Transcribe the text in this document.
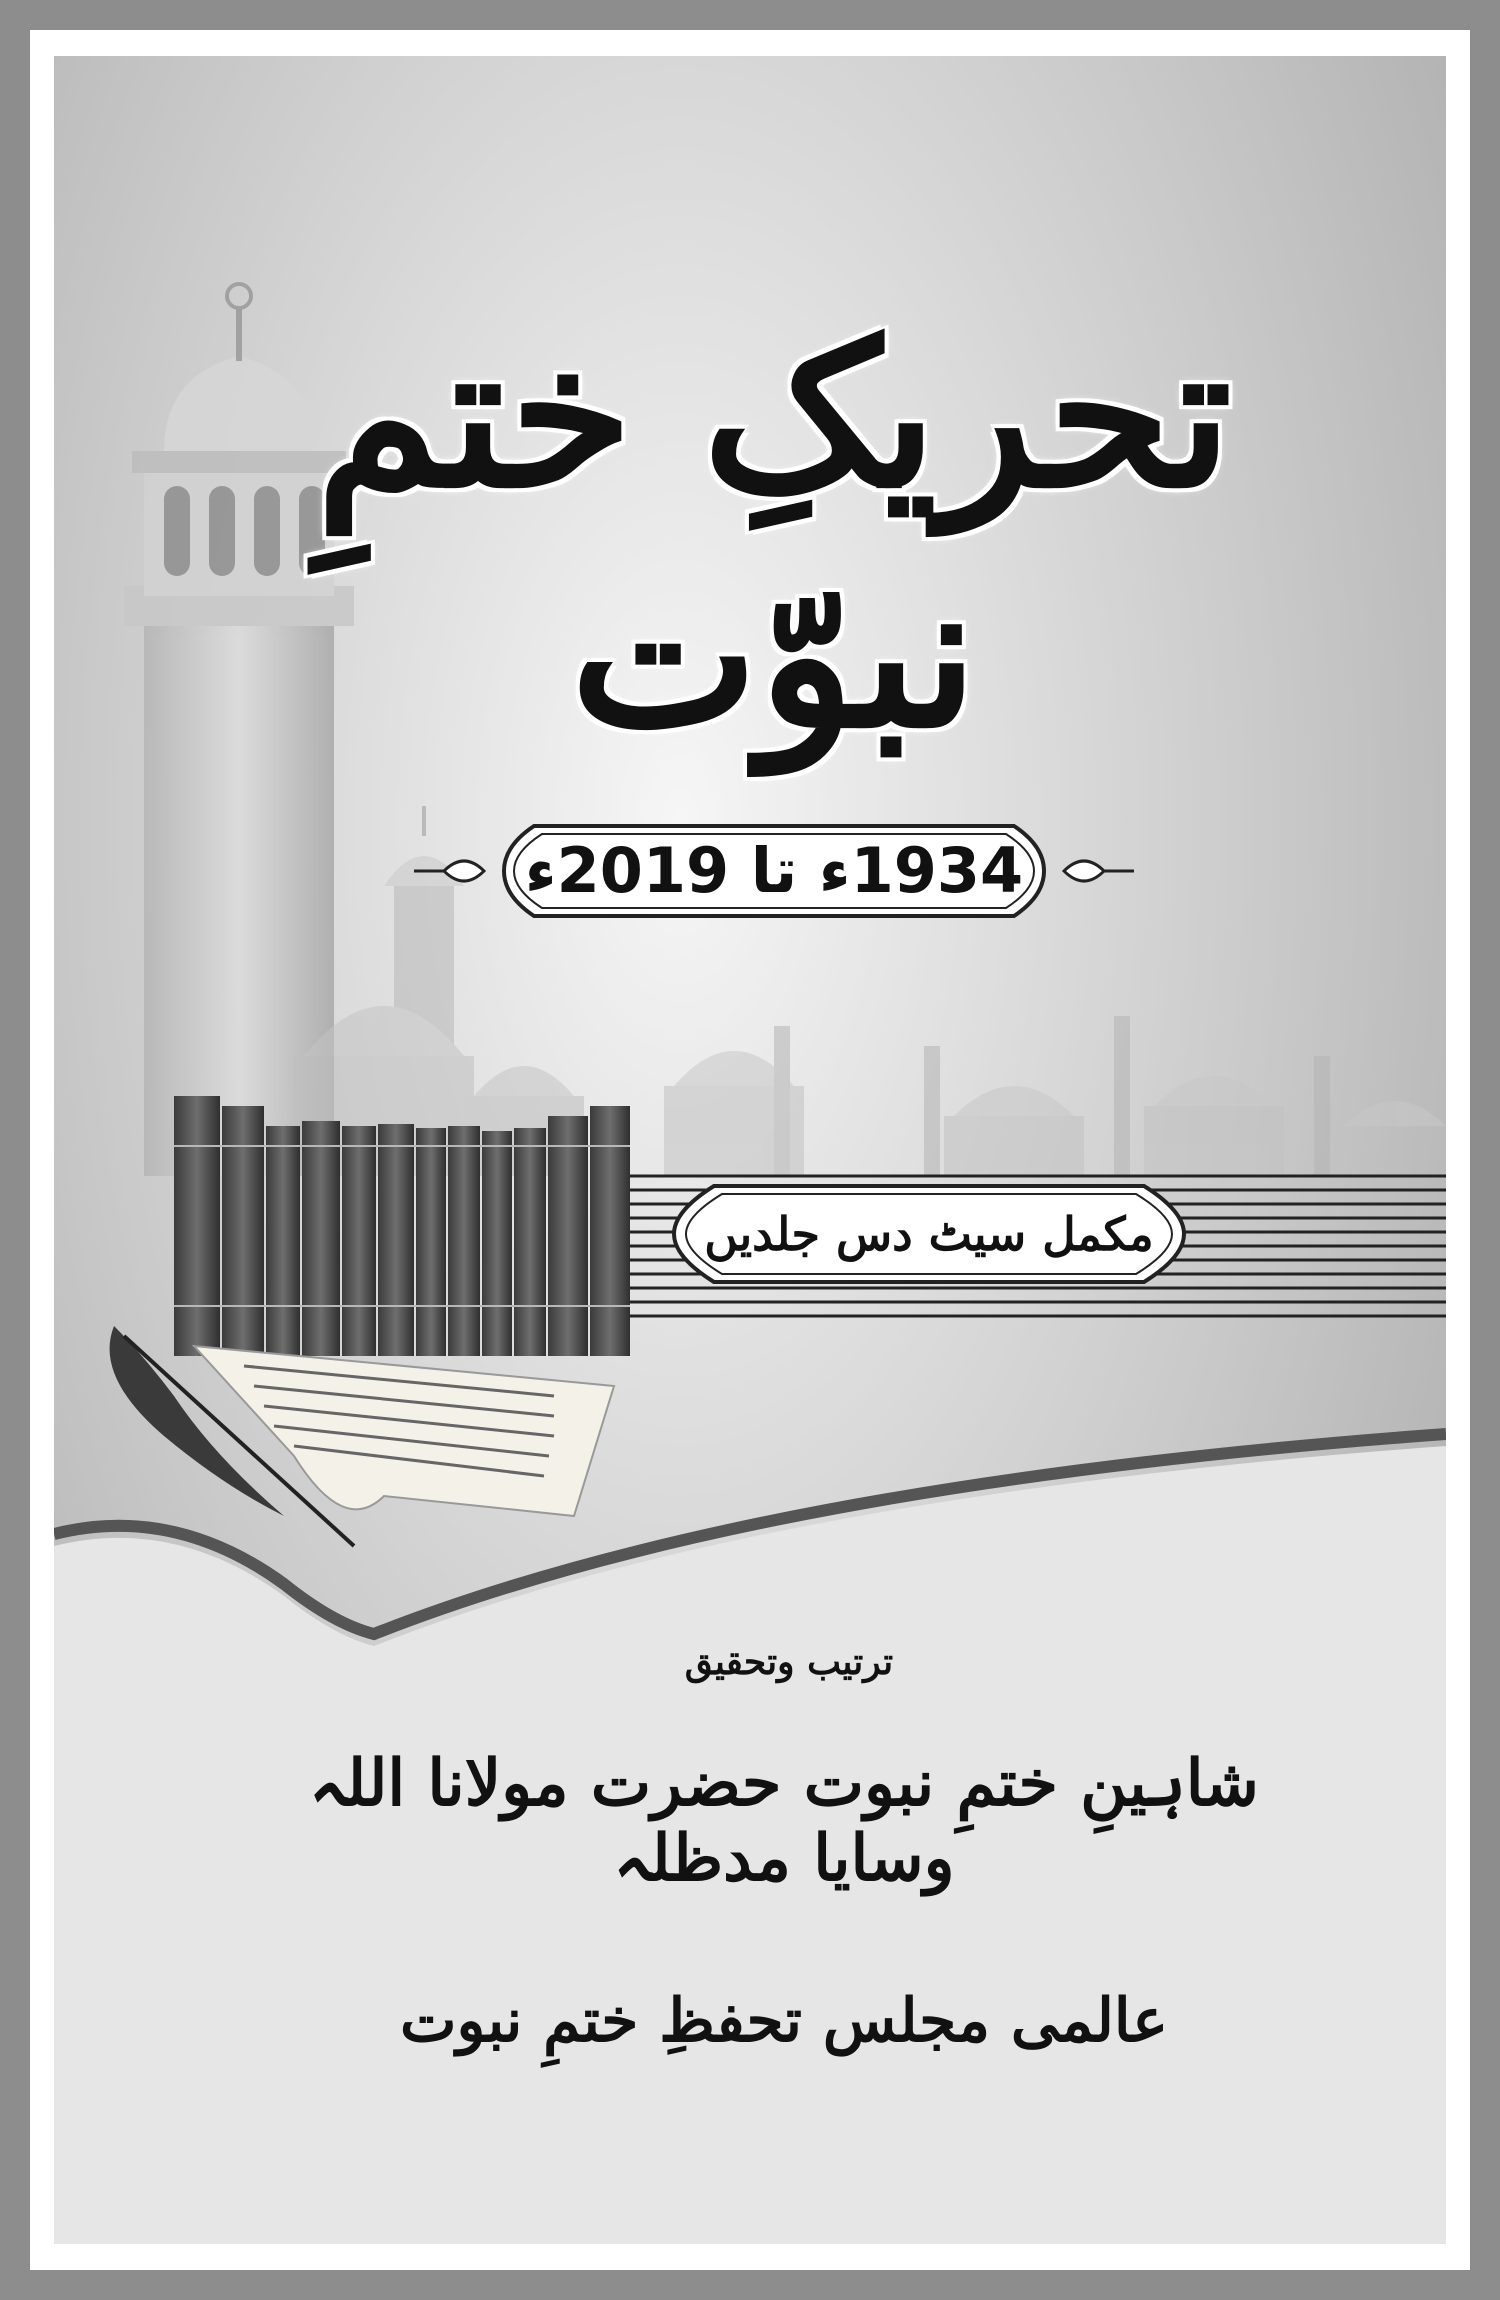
تحریکِ ختمِ نبوّت
1934ء تا 2019ء
مکمل سیٹ دس جلدیں
ترتیب وتحقیق
شاہینِ ختمِ نبوت حضرت مولانا اللہ وسایا مدظلہ
عالمی مجلس تحفظِ ختمِ نبوت
